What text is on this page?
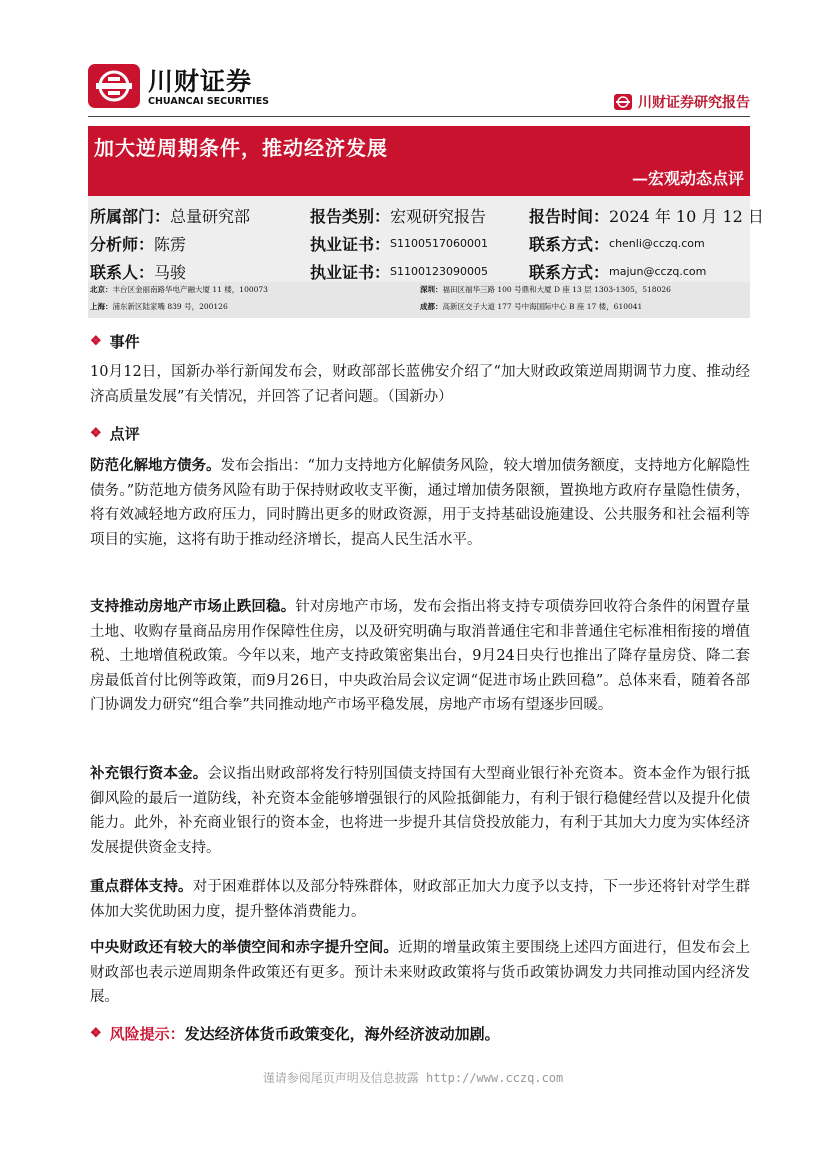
川财证券
CHUANCAI SECURITIES	川财证券研究报告
加大逆周期条件，推动经济发展
—宏观动态点评
所属部门： 总量研究部	报告类别： 宏观研究报告	报告时间： 2024 年 10 月 12 日
分析师： 陈雳	执业证书： S1100517060001	联系方式： chenli@cczq.com
联系人： 马骏	执业证书： S1100123090005	联系方式： majun@cczq.com
北京： 丰台区金丽南路华电产融大厦 11 楼，100073	深圳： 福田区福华三路 100 号鼎和大厦 D 座 13 层 1303-1305，518026
上海： 浦东新区陆家嘴 839 号，200126	成都： 高新区交子大道 177 号中海国际中心 B 座 17 楼，610041
❖ 事件
10月12日，国新办举行新闻发布会，财政部部长蓝佛安介绍了“加大财政政策逆周期调节力度、推动经济高质量发展”有关情况，并回答了记者问题。（国新办）
❖ 点评
防范化解地方债务。发布会指出：“加力支持地方化解债务风险，较大增加债务额度，支持地方化解隐性债务。”防范地方债务风险有助于保持财政收支平衡，通过增加债务限额，置换地方政府存量隐性债务，将有效减轻地方政府压力，同时腾出更多的财政资源，用于支持基础设施建设、公共服务和社会福利等项目的实施，这将有助于推动经济增长，提高人民生活水平。
支持推动房地产市场止跌回稳。针对房地产市场，发布会指出将支持专项债券回收符合条件的闲置存量土地、收购存量商品房用作保障性住房，以及研究明确与取消普通住宅和非普通住宅标准相衔接的增值税、土地增值税政策。今年以来，地产支持政策密集出台，9月24日央行也推出了降存量房贷、降二套房最低首付比例等政策，而9月26日，中央政治局会议定调“促进市场止跌回稳”。总体来看，随着各部门协调发力研究“组合拳”共同推动地产市场平稳发展，房地产市场有望逐步回暖。
补充银行资本金。会议指出财政部将发行特别国债支持国有大型商业银行补充资本。资本金作为银行抵御风险的最后一道防线，补充资本金能够增强银行的风险抵御能力，有利于银行稳健经营以及提升化债能力。此外，补充商业银行的资本金，也将进一步提升其信贷投放能力，有利于其加大力度为实体经济发展提供资金支持。
重点群体支持。对于困难群体以及部分特殊群体，财政部正加大力度予以支持，下一步还将针对学生群体加大奖优助困力度，提升整体消费能力。
中央财政还有较大的举债空间和赤字提升空间。近期的增量政策主要围绕上述四方面进行，但发布会上财政部也表示逆周期条件政策还有更多。预计未来财政政策将与货币政策协调发力共同推动国内经济发展。
❖ 风险提示： 发达经济体货币政策变化，海外经济波动加剧。
谨请参阅尾页声明及信息披露 http://www.cczq.com
